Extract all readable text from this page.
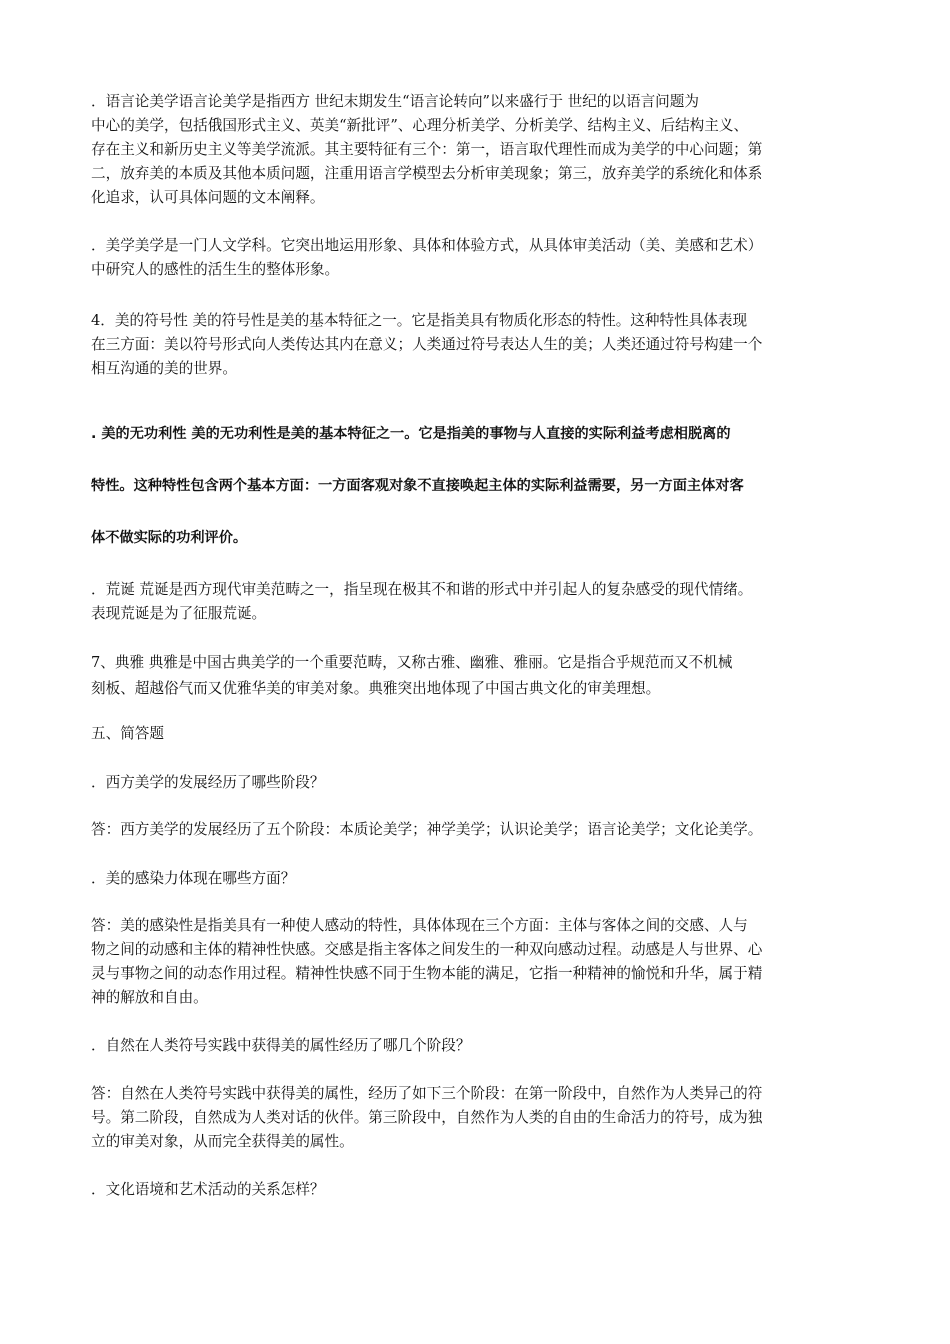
．语言论美学语言论美学是指西方 世纪末期发生“语言论转向”以来盛行于 世纪的以语言问题为
中心的美学，包括俄国形式主义、英美“新批评”、心理分析美学、分析美学、结构主义、后结构主义、
存在主义和新历史主义等美学流派。其主要特征有三个：第一，语言取代理性而成为美学的中心问题；第
二，放弃美的本质及其他本质问题，注重用语言学模型去分析审美现象；第三，放弃美学的系统化和体系
化追求，认可具体问题的文本阐释。
．美学美学是一门人文学科。它突出地运用形象、具体和体验方式，从具体审美活动（美、美感和艺术）
中研究人的感性的活生生的整体形象。
4．美的符号性 美的符号性是美的基本特征之一。它是指美具有物质化形态的特性。这种特性具体表现
在三方面：美以符号形式向人类传达其内在意义；人类通过符号表达人生的美；人类还通过符号构建一个
相互沟通的美的世界。
. 美的无功利性 美的无功利性是美的基本特征之一。它是指美的事物与人直接的实际利益考虑相脱离的
特性。这种特性包含两个基本方面：一方面客观对象不直接唤起主体的实际利益需要，另一方面主体对客
体不做实际的功利评价。
．荒诞 荒诞是西方现代审美范畴之一，指呈现在极其不和谐的形式中并引起人的复杂感受的现代情绪。
表现荒诞是为了征服荒诞。
7、典雅 典雅是中国古典美学的一个重要范畴，又称古雅、幽雅、雅丽。它是指合乎规范而又不机械
刻板、超越俗气而又优雅华美的审美对象。典雅突出地体现了中国古典文化的审美理想。
五、简答题
．西方美学的发展经历了哪些阶段？
答：西方美学的发展经历了五个阶段：本质论美学；神学美学；认识论美学；语言论美学；文化论美学。
．美的感染力体现在哪些方面？
答：美的感染性是指美具有一种使人感动的特性，具体体现在三个方面：主体与客体之间的交感、人与
物之间的动感和主体的精神性快感。交感是指主客体之间发生的一种双向感动过程。动感是人与世界、心
灵与事物之间的动态作用过程。精神性快感不同于生物本能的满足，它指一种精神的愉悦和升华，属于精
神的解放和自由。
．自然在人类符号实践中获得美的属性经历了哪几个阶段？
答：自然在人类符号实践中获得美的属性，经历了如下三个阶段：在第一阶段中，自然作为人类异己的符
号。第二阶段，自然成为人类对话的伙伴。第三阶段中，自然作为人类的自由的生命活力的符号，成为独
立的审美对象，从而完全获得美的属性。
．文化语境和艺术活动的关系怎样？
